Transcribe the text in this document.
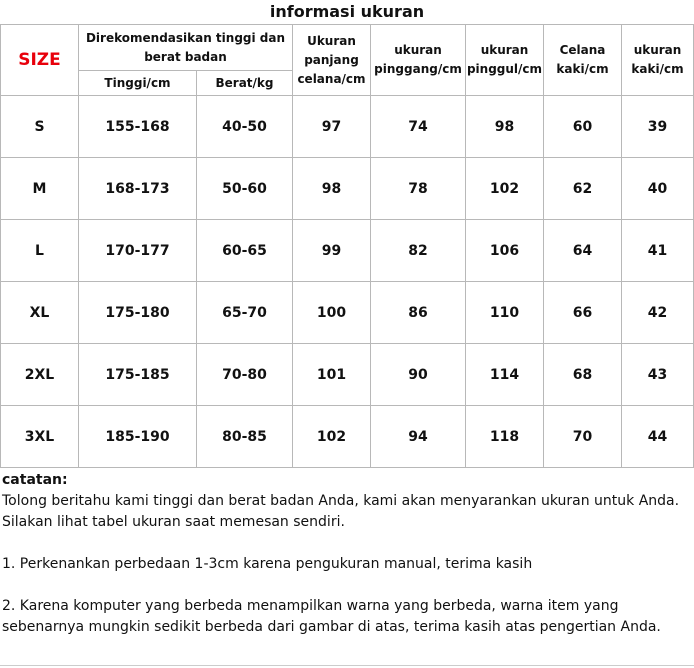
informasi ukuran
SIZE	Direkomendasikan tinggi dan berat badan		Ukuran panjang celana/cm	ukuran pinggang/cm	ukuran pinggul/cm	Celana kaki/cm	ukuran kaki/cm
	Tinggi/cm	Berat/kg					
S	155-168	40-50	97	74	98	60	39
M	168-173	50-60	98	78	102	62	40
L	170-177	60-65	99	82	106	64	41
XL	175-180	65-70	100	86	110	66	42
2XL	175-185	70-80	101	90	114	68	43
3XL	185-190	80-85	102	94	118	70	44

catatan:

Tolong beritahu kami tinggi dan berat badan Anda, kami akan menyarankan ukuran untuk Anda.

Silakan lihat tabel ukuran saat memesan sendiri.

1. Perkenankan perbedaan 1-3cm karena pengukuran manual, terima kasih

2. Karena komputer yang berbeda menampilkan warna yang berbeda, warna item yang sebenarnya mungkin sedikit berbeda dari gambar di atas, terima kasih atas pengertian Anda.
